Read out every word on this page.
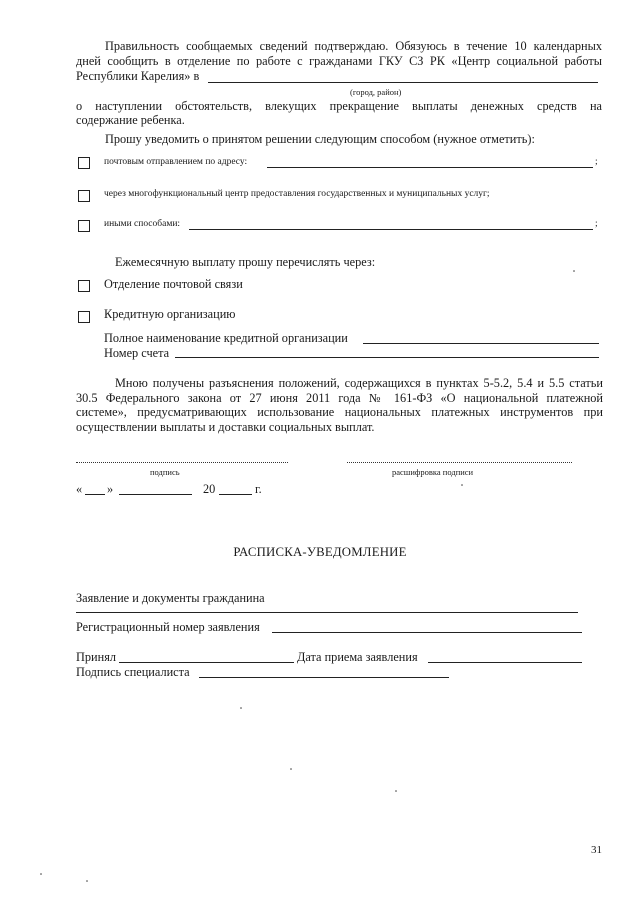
Правильность сообщаемых сведений подтверждаю. Обязуюсь в течение 10 календарных
дней сообщить в отделение по работе с гражданами ГКУ СЗ РК «Центр социальной работы
Республики Карелия» в
(город, район)
о наступлении обстоятельств, влекущих прекращение выплаты денежных средств на
содержание ребенка.
Прошу уведомить о принятом решении следующим способом (нужное отметить):
почтовым отправлением по адресу:	;
через многофункциональный центр предоставления государственных и муниципальных услуг;
иными способами:	;
Ежемесячную выплату прошу перечислять через:
Отделение почтовой связи
Кредитную организацию
Полное наименование кредитной организации
Номер счета
Мною получены разъяснения положений, содержащихся в пунктах 5-5.2, 5.4 и 5.5 статьи
30.5 Федерального закона от 27 июня 2011 года № 161-ФЗ «О национальной платежной
системе», предусматривающих использование национальных платежных инструментов при
осуществлении выплаты и доставки социальных выплат.
подпись	расшифровка подписи
« »	20	г.
РАСПИСКА-УВЕДОМЛЕНИЕ
Заявление и документы гражданина
Регистрационный номер заявления
Принял	Дата приема заявления
Подпись специалиста
31
